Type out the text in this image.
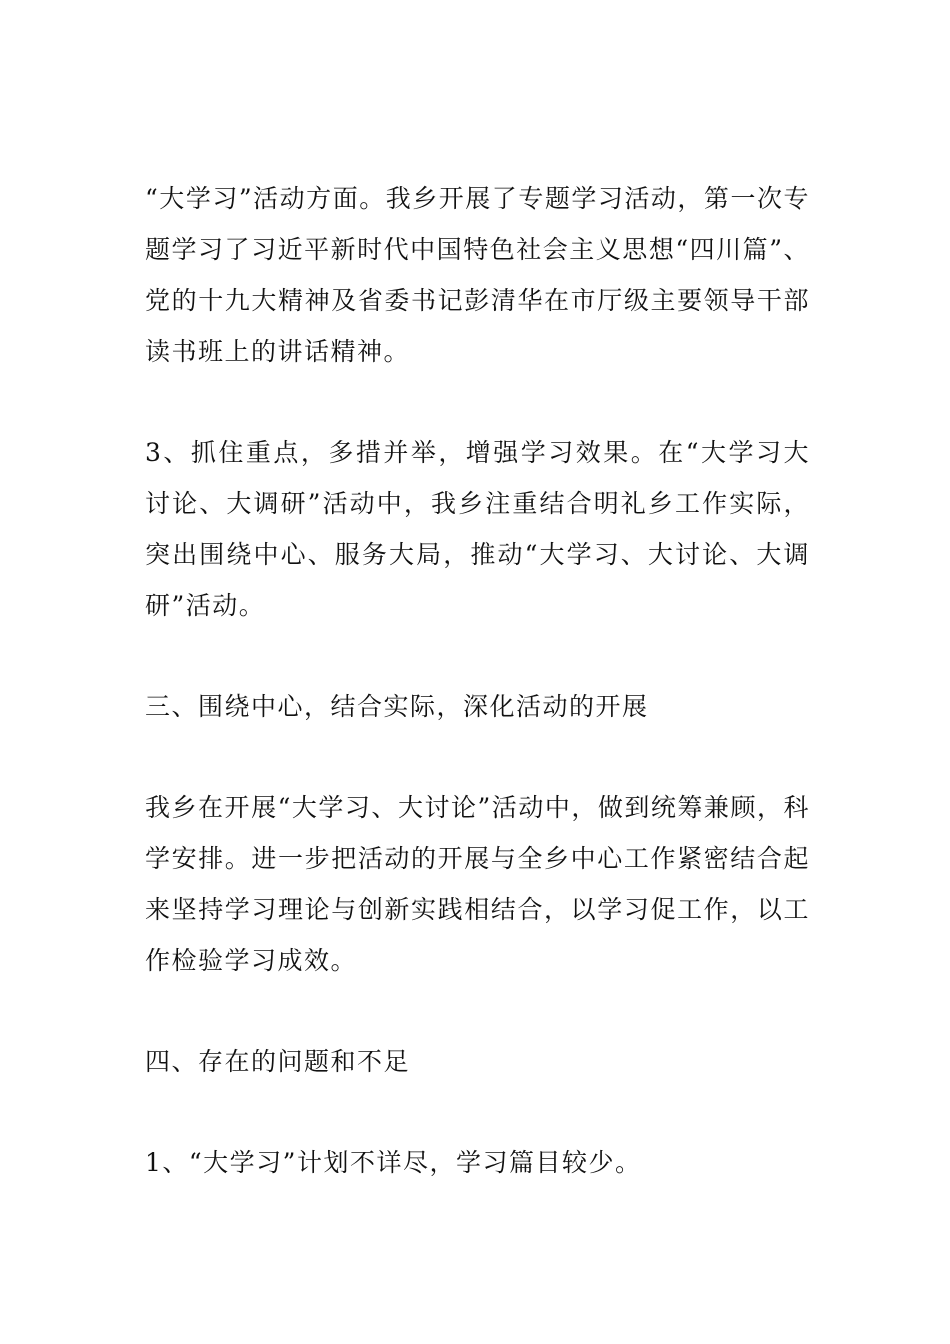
“大学习”活动方面。我乡开展了专题学习活动，第一次专题学习了习近平新时代中国特色社会主义思想“四川篇”、党的十九大精神及省委书记彭清华在市厅级主要领导干部读书班上的讲话精神。

3、抓住重点，多措并举，增强学习效果。在“大学习大讨论、大调研”活动中，我乡注重结合明礼乡工作实际，突出围绕中心、服务大局，推动“大学习、大讨论、大调研”活动。

三、围绕中心，结合实际，深化活动的开展

我乡在开展“大学习、大讨论”活动中，做到统筹兼顾，科学安排。进一步把活动的开展与全乡中心工作紧密结合起来坚持学习理论与创新实践相结合，以学习促工作，以工作检验学习成效。

四、存在的问题和不足

1、“大学习”计划不详尽，学习篇目较少。
